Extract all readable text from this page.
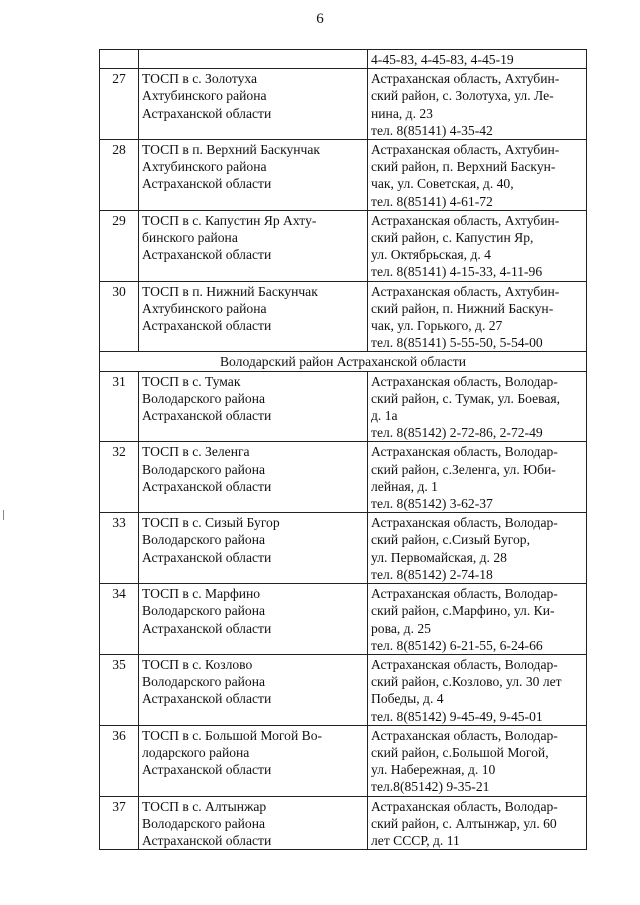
6
		4-45-83, 4-45-83, 4-45-19
27	ТОСП в с. Золотуха
Ахтубинского района
Астраханской области	Астраханская область, Ахтубин-
ский район, с. Золотуха, ул. Ле-
нина, д. 23
тел. 8(85141) 4-35-42
28	ТОСП в п. Верхний Баскунчак
Ахтубинского района
Астраханской области	Астраханская область, Ахтубин-
ский район, п. Верхний Баскун-
чак, ул. Советская, д. 40,
тел. 8(85141) 4-61-72
29	ТОСП в с. Капустин Яр Ахту-
бинского района
Астраханской области	Астраханская область, Ахтубин-
ский район, с. Капустин Яр,
ул. Октябрьская, д. 4
тел. 8(85141) 4-15-33, 4-11-96
30	ТОСП в п. Нижний Баскунчак
Ахтубинского района
Астраханской области	Астраханская область, Ахтубин-
ский район, п. Нижний Баскун-
чак, ул. Горького, д. 27
тел. 8(85141) 5-55-50, 5-54-00
Володарский район Астраханской области		
31	ТОСП в с. Тумак
Володарского района
Астраханской области	Астраханская область, Володар-
ский район, с. Тумак, ул. Боевая,
д. 1а
тел. 8(85142) 2-72-86, 2-72-49
32	ТОСП в с. Зеленга
Володарского района
Астраханской области	Астраханская область, Володар-
ский район, с.Зеленга, ул. Юби-
лейная, д. 1
тел. 8(85142) 3-62-37
33	ТОСП в с. Сизый Бугор
Володарского района
Астраханской области	Астраханская область, Володар-
ский район, с.Сизый Бугор,
ул. Первомайская, д. 28
тел. 8(85142) 2-74-18
34	ТОСП в с. Марфино
Володарского района
Астраханской области	Астраханская область, Володар-
ский район, с.Марфино, ул. Ки-
рова, д. 25
тел. 8(85142) 6-21-55, 6-24-66
35	ТОСП в с. Козлово
Володарского района
Астраханской области	Астраханская область, Володар-
ский район, с.Козлово, ул. 30 лет
Победы, д. 4
тел. 8(85142) 9-45-49, 9-45-01
36	ТОСП в с. Большой Могой Во-
лодарского района
Астраханской области	Астраханская область, Володар-
ский район, с.Большой Могой,
ул. Набережная, д. 10
тел.8(85142) 9-35-21
37	ТОСП в с. Алтынжар
Володарского района
Астраханской области	Астраханская область, Володар-
ский район, с. Алтынжар, ул. 60
лет СССР, д. 11
